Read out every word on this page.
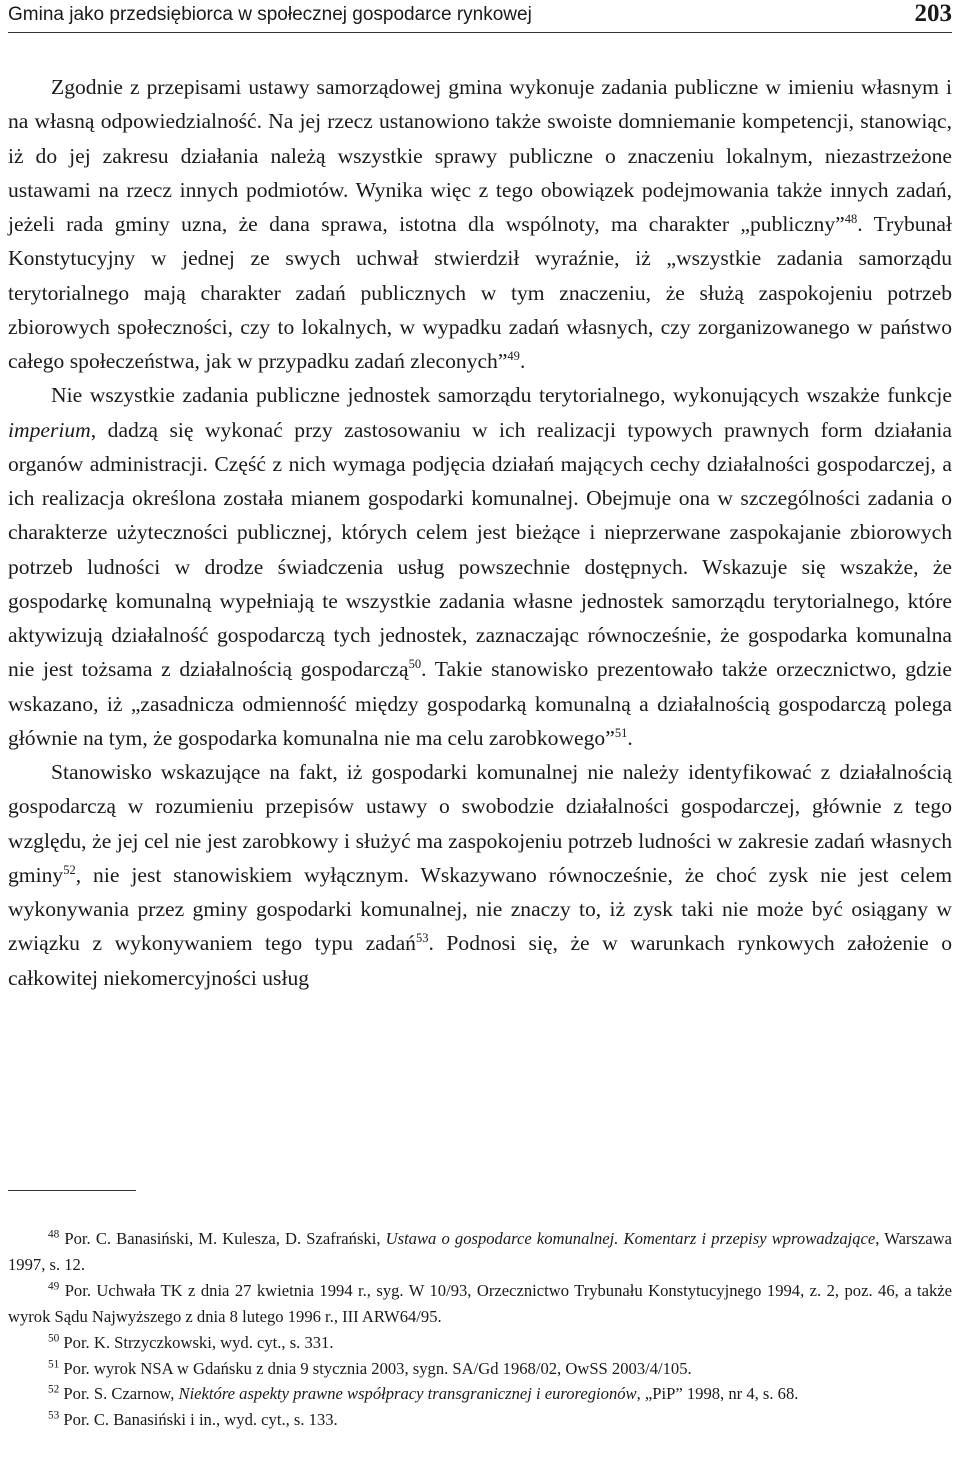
Gmina jako przedsiębiorca w społecznej gospodarce rynkowej	203

Zgodnie z przepisami ustawy samorządowej gmina wykonuje zadania publiczne w imieniu własnym i na własną odpowiedzialność. Na jej rzecz ustanowiono także swoiste domniemanie kompetencji, stanowiąc, iż do jej zakresu działania należą wszystkie sprawy publiczne o znaczeniu lokalnym, niezastrzeżone ustawami na rzecz innych podmiotów. Wynika więc z tego obowiązek podejmowania także innych zadań, jeżeli rada gminy uzna, że dana sprawa, istotna dla wspólnoty, ma charakter „publiczny”$^{48}$. Trybunał Konstytucyjny w jednej ze swych uchwał stwierdził wyraźnie, iż „wszystkie zadania samorządu terytorialnego mają charakter zadań publicznych w tym znaczeniu, że służą zaspokojeniu potrzeb zbiorowych społeczności, czy to lokalnych, w wypadku zadań własnych, czy zorganizowanego w państwo całego społeczeństwa, jak w przypadku zadań zleconych”$^{49}$.

Nie wszystkie zadania publiczne jednostek samorządu terytorialnego, wykonujących wszakże funkcje imperium, dadzą się wykonać przy zastosowaniu w ich realizacji typowych prawnych form działania organów administracji. Część z nich wymaga podjęcia działań mających cechy działalności gospodarczej, a ich realizacja określona została mianem gospodarki komunalnej. Obejmuje ona w szczególności zadania o charakterze użyteczności publicznej, których celem jest bieżące i nieprzerwane zaspokajanie zbiorowych potrzeb ludności w drodze świadczenia usług powszechnie dostępnych. Wskazuje się wszakże, że gospodarkę komunalną wypełniają te wszystkie zadania własne jednostek samorządu terytorialnego, które aktywizują działalność gospodarczą tych jednostek, zaznaczając równocześnie, że gospodarka komunalna nie jest tożsama z działalnością gospodarczą$^{50}$. Takie stanowisko prezentowało także orzecznictwo, gdzie wskazano, iż „zasadnicza odmienność między gospodarką komunalną a działalnością gospodarczą polega głównie na tym, że gospodarka komunalna nie ma celu zarobkowego”$^{51}$.

Stanowisko wskazujące na fakt, iż gospodarki komunalnej nie należy identyfikować z działalnością gospodarczą w rozumieniu przepisów ustawy o swobodzie działalności gospodarczej, głównie z tego względu, że jej cel nie jest zarobkowy i służyć ma zaspokojeniu potrzeb ludności w zakresie zadań własnych gminy$^{52}$, nie jest stanowiskiem wyłącznym. Wskazywano równocześnie, że choć zysk nie jest celem wykonywania przez gminy gospodarki komunalnej, nie znaczy to, iż zysk taki nie może być osiągany w związku z wykonywaniem tego typu zadań$^{53}$. Podnosi się, że w warunkach rynkowych założenie o całkowitej niekomercyjności usług

$^{48}$ Por. C. Banasiński, M. Kulesza, D. Szafrański, Ustawa o gospodarce komunalnej. Komentarz i przepisy wprowadzające, Warszawa 1997, s. 12.

$^{49}$ Por. Uchwała TK z dnia 27 kwietnia 1994 r., syg. W 10/93, Orzecznictwo Trybunału Konstytucyjnego 1994, z. 2, poz. 46, a także wyrok Sądu Najwyższego z dnia 8 lutego 1996 r., III ARW64/95.

$^{50}$ Por. K. Strzyczkowski, wyd. cyt., s. 331.

$^{51}$ Por. wyrok NSA w Gdańsku z dnia 9 stycznia 2003, sygn. SA/Gd 1968/02, OwSS 2003/4/105.

$^{52}$ Por. S. Czarnow, Niektóre aspekty prawne współpracy transgranicznej i euroregionów, „PiP” 1998, nr 4, s. 68.

$^{53}$ Por. C. Banasiński i in., wyd. cyt., s. 133.
